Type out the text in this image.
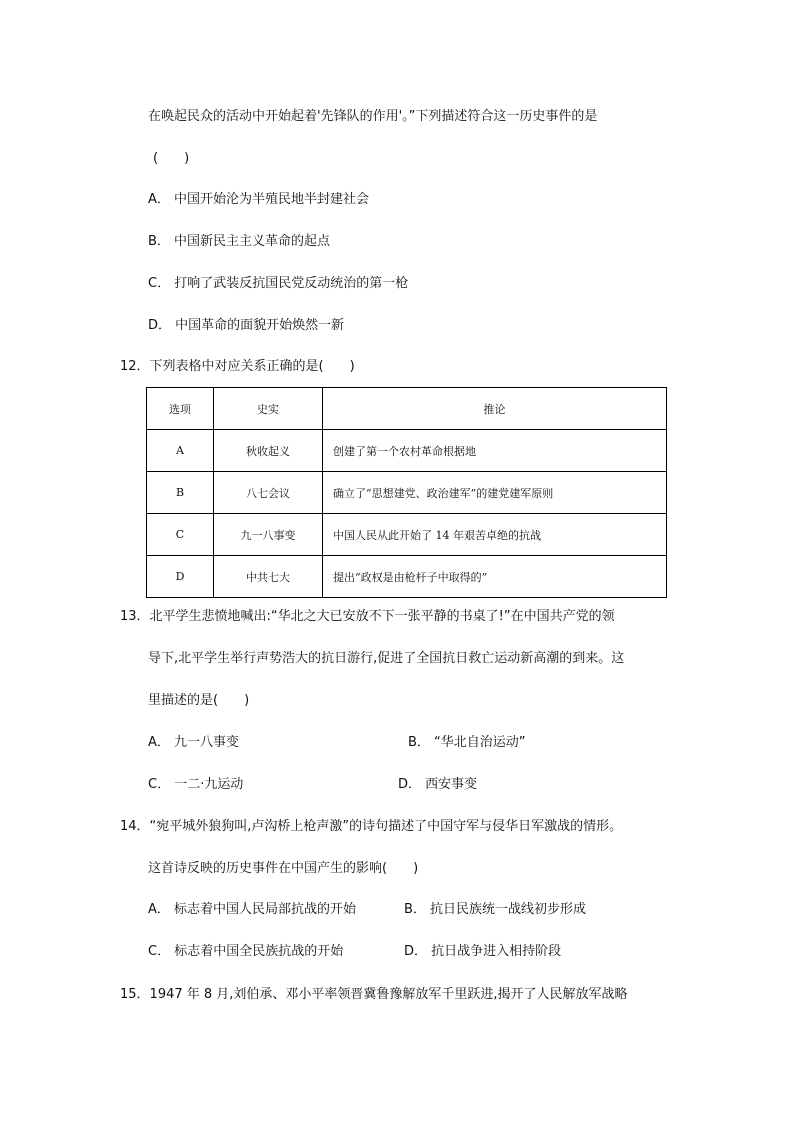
在唤起民众的活动中开始起着'先锋队的作用'。”下列描述符合这一历史事件的是
(　　)
A． 中国开始沦为半殖民地半封建社会
B． 中国新民主主义革命的起点
C． 打响了武装反抗国民党反动统治的第一枪
D． 中国革命的面貌开始焕然一新
12．下列表格中对应关系正确的是(　　)
选项	史实	推论
A	秋收起义	创建了第一个农村革命根据地
B	八七会议	确立了“思想建党、政治建军”的建党建军原则
C	九一八事变	中国人民从此开始了 14 年艰苦卓绝的抗战
D	中共七大	提出“政权是由枪杆子中取得的”
13．北平学生悲愤地喊出:“华北之大已安放不下一张平静的书桌了!”在中国共产党的领
导下,北平学生举行声势浩大的抗日游行,促进了全国抗日救亡运动新高潮的到来。这
里描述的是(　　)
A． 九一八事变	B． “华北自治运动”
C． 一二·九运动	D． 西安事变
14．“宛平城外狼狗叫,卢沟桥上枪声激”的诗句描述了中国守军与侵华日军激战的情形。
这首诗反映的历史事件在中国产生的影响(　　)
A． 标志着中国人民局部抗战的开始	B． 抗日民族统一战线初步形成
C． 标志着中国全民族抗战的开始	D． 抗日战争进入相持阶段
15．1947 年 8 月,刘伯承、邓小平率领晋冀鲁豫解放军千里跃进,揭开了人民解放军战略
